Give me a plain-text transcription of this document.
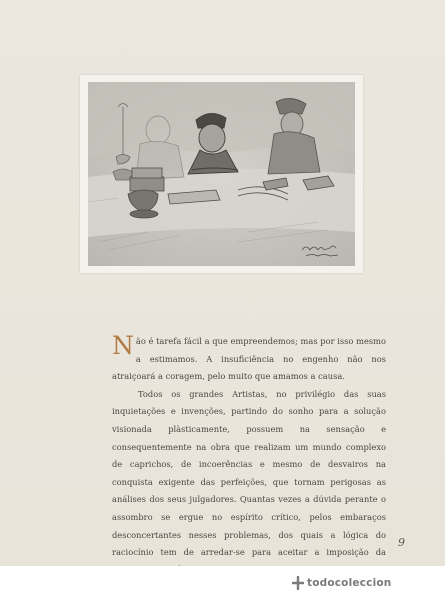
Não é tarefa fácil a que empreendemos; mas por isso mesmo a estimamos. A insuficiência no engenho não nos atraiçoará a coragem, pelo muito que amamos a causa.

Todos os grandes Artistas, no privilégio das suas inquietações e invenções, partindo do sonho para a solução visionada plàsticamente, possuem na sensação e consequentemente na obra que realizam um mundo complexo de caprichos, de incoerências e mesmo de desvairos na conquista exigente das perfeições, que tornam perigosas as análises dos seus julgadores. Quantas vezes a dúvida perante o assombro se ergue no espírito crítico, pelos embaraços desconcertantes nesses problemas, dos quais a lógica do raciocínio tem de arredar-se para aceitar a imposição da

9
todocoleccion
